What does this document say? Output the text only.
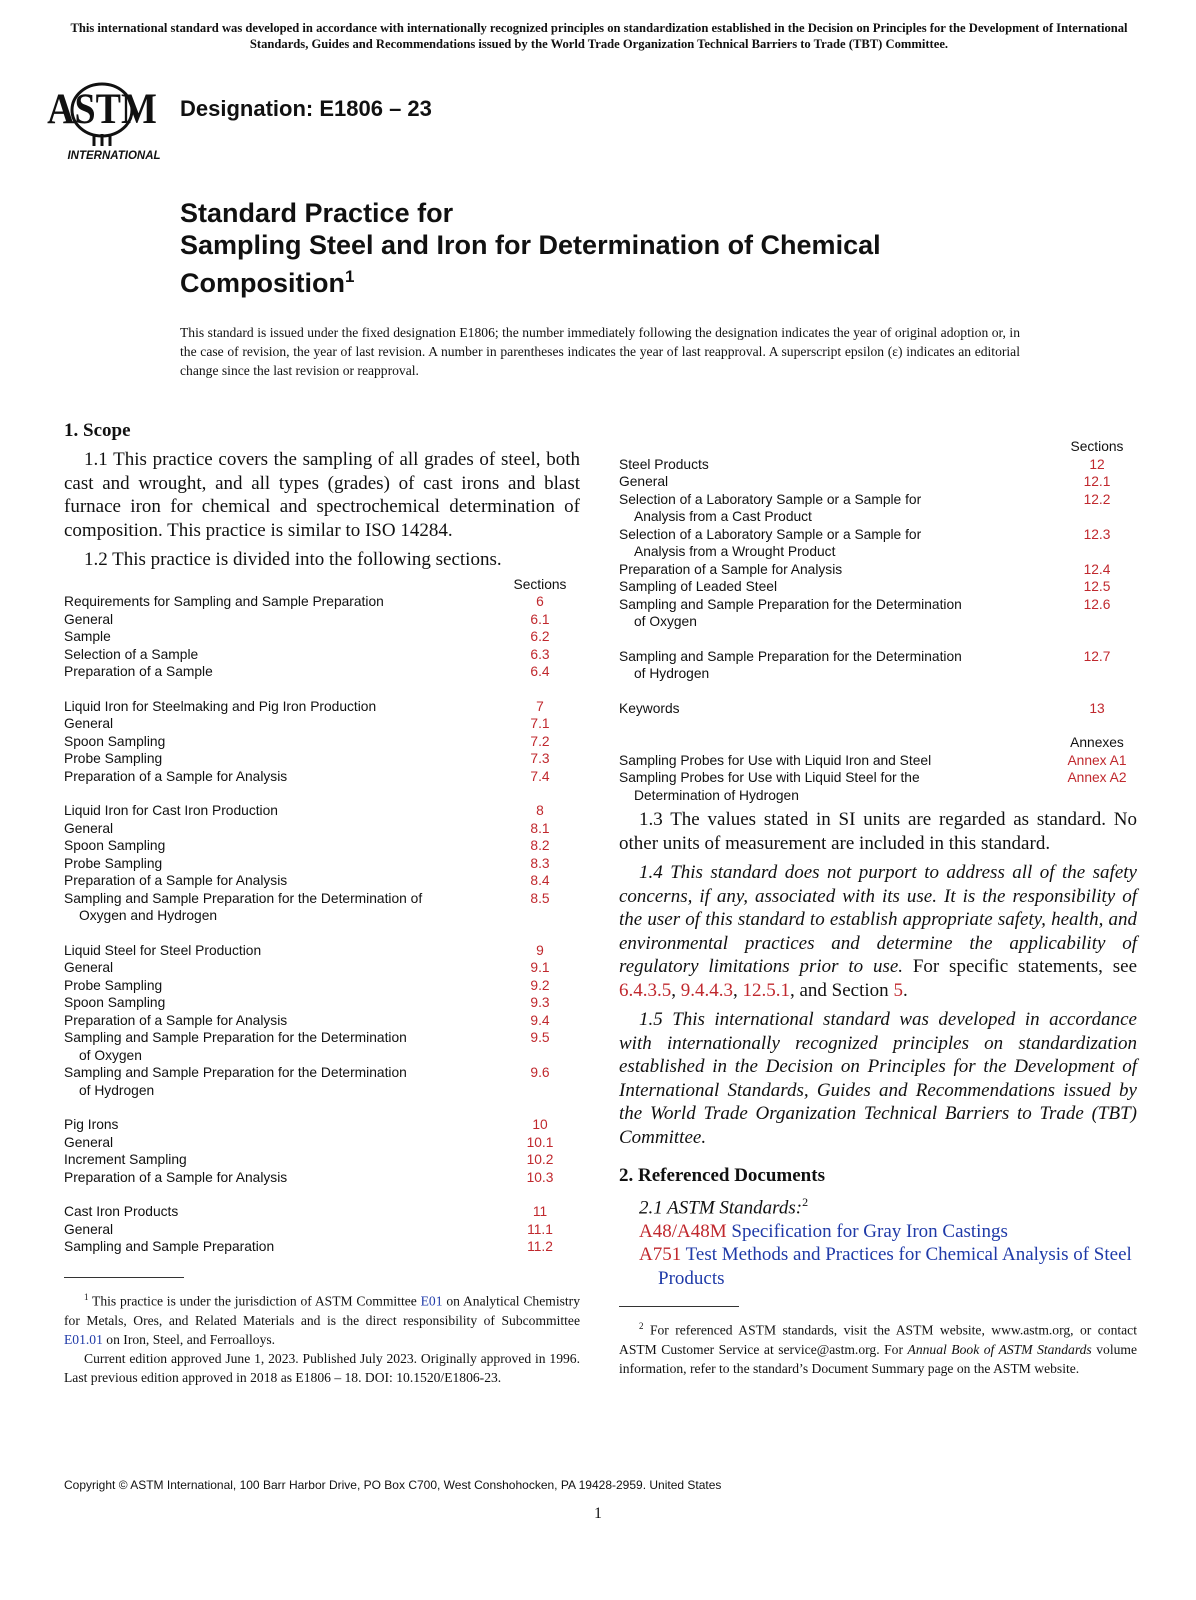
This international standard was developed in accordance with internationally recognized principles on standardization established in the Decision on Principles for the Development of International Standards, Guides and Recommendations issued by the World Trade Organization Technical Barriers to Trade (TBT) Committee.
ASTM
INTERNATIONAL
Designation: E1806 – 23
Standard Practice for
Sampling Steel and Iron for Determination of Chemical
Composition$^1$
This standard is issued under the fixed designation E1806; the number immediately following the designation indicates the year of original adoption or, in the case of revision, the year of last revision. A number in parentheses indicates the year of last reapproval. A superscript epsilon (ε) indicates an editorial change since the last revision or reapproval.
1. Scope

1.1 This practice covers the sampling of all grades of steel, both cast and wrought, and all types (grades) of cast irons and blast furnace iron for chemical and spectrochemical determination of composition. This practice is similar to ISO 14284.

1.2 This practice is divided into the following sections.

	Sections

Requirements for Sampling and Sample Preparation	6

General	6.1

Sample	6.2

Selection of a Sample	6.3

Preparation of a Sample	6.4

Liquid Iron for Steelmaking and Pig Iron Production	7

General	7.1

Spoon Sampling	7.2

Probe Sampling	7.3

Preparation of a Sample for Analysis	7.4

Liquid Iron for Cast Iron Production	8

General	8.1

Spoon Sampling	8.2

Probe Sampling	8.3

Preparation of a Sample for Analysis	8.4

Sampling and Sample Preparation for the Determination of
Oxygen and Hydrogen	8.5

Liquid Steel for Steel Production	9

General	9.1

Probe Sampling	9.2

Spoon Sampling	9.3

Preparation of a Sample for Analysis	9.4

Sampling and Sample Preparation for the Determination
of Oxygen	9.5

Sampling and Sample Preparation for the Determination
of Hydrogen	9.6

Pig Irons	10

General	10.1

Increment Sampling	10.2

Preparation of a Sample for Analysis	10.3

Cast Iron Products	11

General	11.1

Sampling and Sample Preparation	11.2

$^1$ This practice is under the jurisdiction of ASTM Committee E01 on Analytical Chemistry for Metals, Ores, and Related Materials and is the direct responsibility of Subcommittee E01.01 on Iron, Steel, and Ferroalloys.

Current edition approved June 1, 2023. Published July 2023. Originally approved in 1996. Last previous edition approved in 2018 as E1806 – 18. DOI: 10.1520/E1806-23.

	Sections

Steel Products	12

General	12.1

Selection of a Laboratory Sample or a Sample for
Analysis from a Cast Product	12.2

Selection of a Laboratory Sample or a Sample for
Analysis from a Wrought Product	12.3

Preparation of a Sample for Analysis	12.4

Sampling of Leaded Steel	12.5

Sampling and Sample Preparation for the Determination
of Oxygen	12.6

Sampling and Sample Preparation for the Determination
of Hydrogen	12.7

Keywords	13

	Annexes

Sampling Probes for Use with Liquid Iron and Steel	Annex A1

Sampling Probes for Use with Liquid Steel for the
Determination of Hydrogen	Annex A2

1.3 The values stated in SI units are regarded as standard. No other units of measurement are included in this standard.

1.4 This standard does not purport to address all of the safety concerns, if any, associated with its use. It is the responsibility of the user of this standard to establish appropriate safety, health, and environmental practices and determine the applicability of regulatory limitations prior to use. For specific statements, see 6.4.3.5, 9.4.4.3, 12.5.1, and Section 5.

1.5 This international standard was developed in accordance with internationally recognized principles on standardization established in the Decision on Principles for the Development of International Standards, Guides and Recommendations issued by the World Trade Organization Technical Barriers to Trade (TBT) Committee.

2. Referenced Documents

2.1 ASTM Standards:$^2$

A48/A48M Specification for Gray Iron Castings

A751 Test Methods and Practices for Chemical Analysis of Steel Products

$^2$ For referenced ASTM standards, visit the ASTM website, www.astm.org, or contact ASTM Customer Service at service@astm.org. For Annual Book of ASTM Standards volume information, refer to the standard’s Document Summary page on the ASTM website.

Copyright © ASTM International, 100 Barr Harbor Drive, PO Box C700, West Conshohocken, PA 19428-2959. United States
1
